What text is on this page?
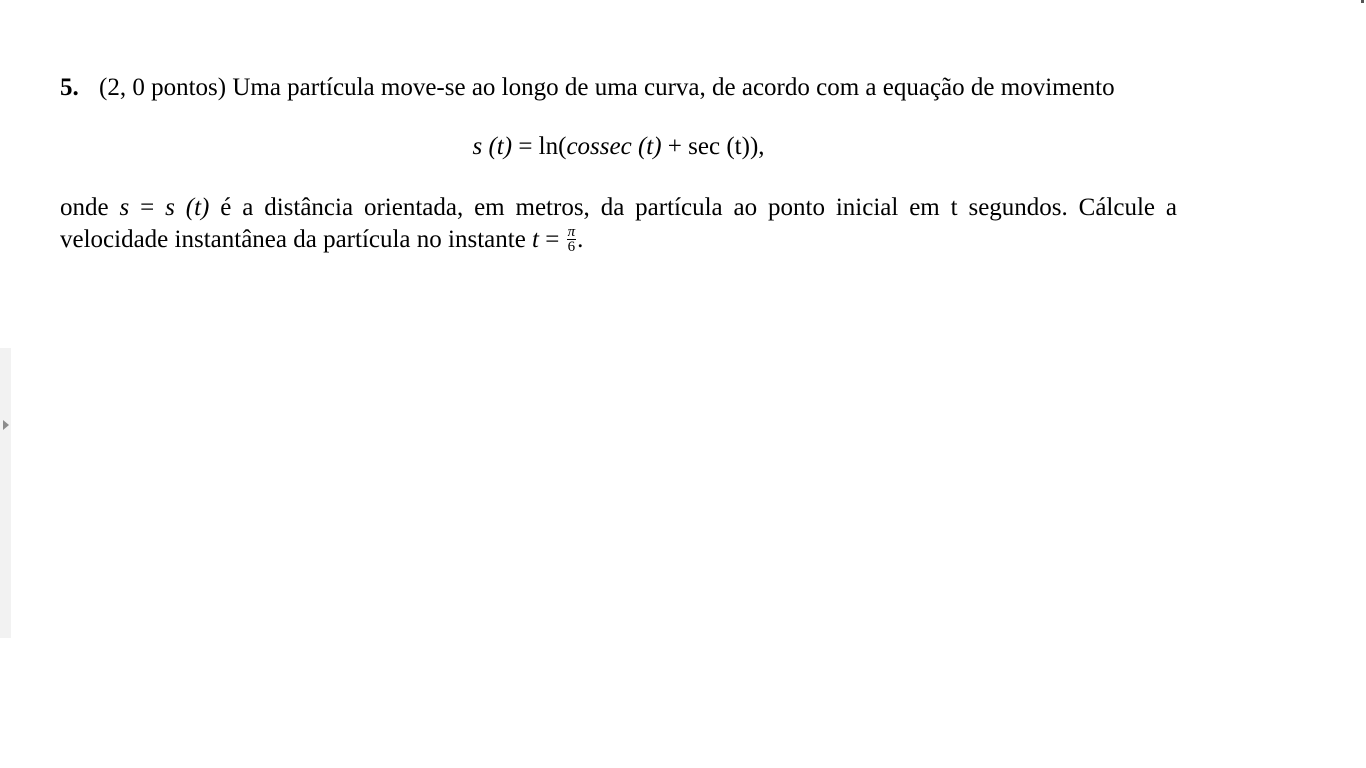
5. (2, 0 pontos) Uma partícula move-se ao longo de uma curva, de acordo com a equação de movimento

s (t) = ln(cossec (t) + sec (t)),

onde s = s (t) é a distância orientada, em metros, da partícula ao ponto inicial em t segundos. Cálcule a velocidade instantânea da partícula no instante $t = \frac{\pi}{6}$ .
